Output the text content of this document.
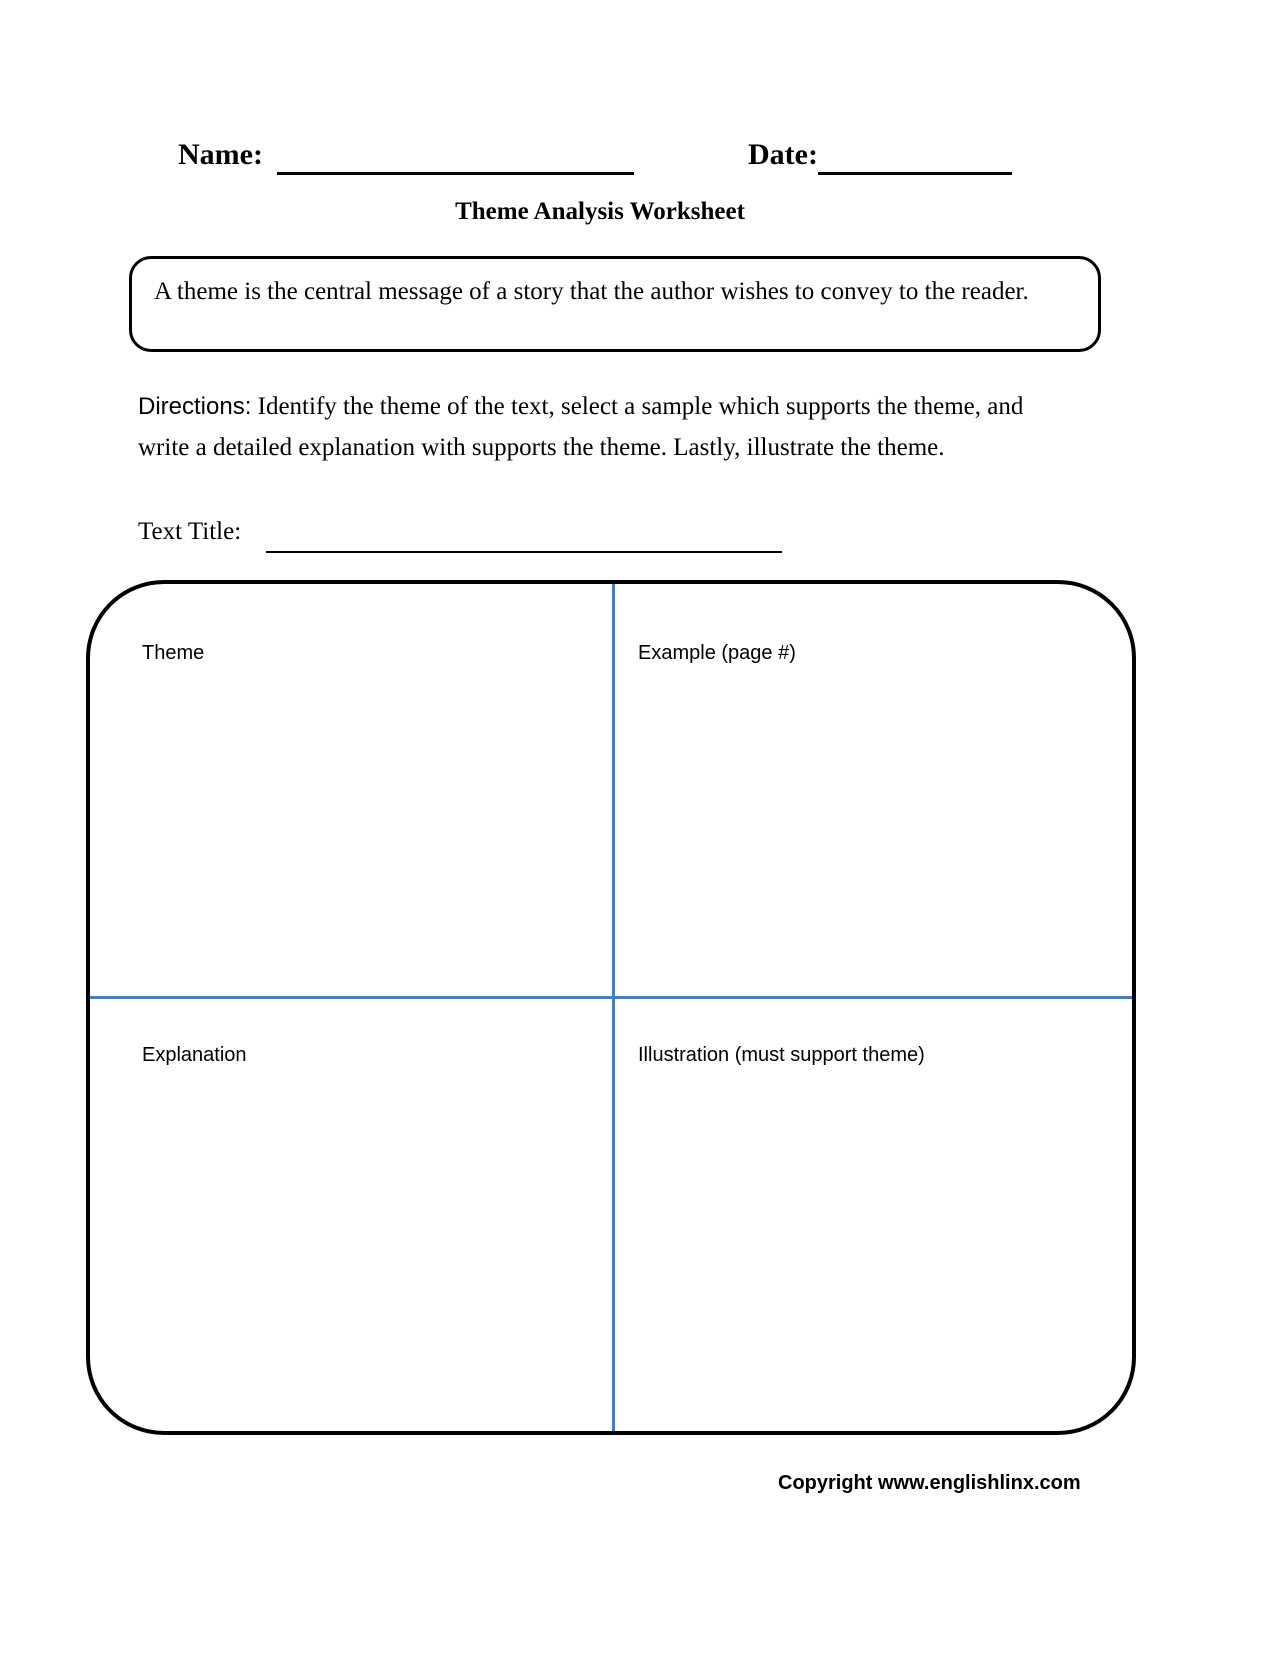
Name:	Date:
Theme Analysis Worksheet
A theme is the central message of a story that the author wishes to convey to the reader.
Directions: Identify the theme of the text, select a sample which supports the theme, and write a detailed explanation with supports the theme. Lastly, illustrate the theme.
Text Title:
Theme	Example (page #)
Explanation	Illustration (must support theme)
Copyright www.englishlinx.com
